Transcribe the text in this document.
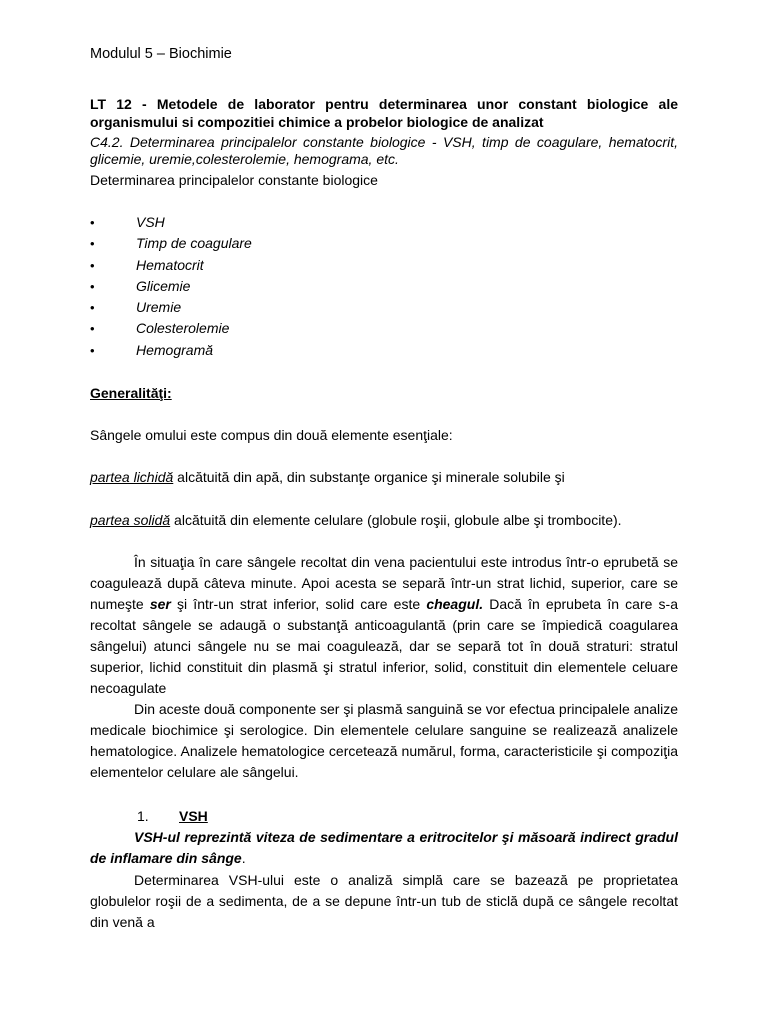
Modulul 5 – Biochimie
LT 12 - Metodele de laborator pentru determinarea unor constant biologice ale organismului si compozitiei chimice a probelor biologice de analizat
C4.2. Determinarea principalelor constante biologice - VSH, timp de coagulare, hematocrit, glicemie, uremie,colesterolemie, hemograma, etc.
Determinarea principalelor constante biologice
•	VSH
•	Timp de coagulare
•	Hematocrit
•	Glicemie
•	Uremie
•	Colesterolemie
•	Hemogramă
Generalităţi:
Sângele omului este compus din două elemente esenţiale:
partea lichidă alcătuită din apă, din substanţe organice şi minerale solubile şi
partea solidă alcătuită din elemente celulare (globule roşii, globule albe şi trombocite).
În situaţia în care sângele recoltat din vena pacientului este introdus într-o eprubetă se coagulează după câteva minute. Apoi acesta se separă într-un strat lichid, superior, care se numeşte ser şi într-un strat inferior, solid care este cheagul. Dacă în eprubeta în care s-a recoltat sângele se adaugă o substanţă anticoagulantă (prin care se împiedică coagularea sângelui) atunci sângele nu se mai coagulează, dar se separă tot în două straturi: stratul superior, lichid constituit din plasmă şi stratul inferior, solid, constituit din elementele celuare necoagulate
Din aceste două componente ser şi plasmă sanguină se vor efectua principalele analize medicale biochimice şi serologice. Din elementele celulare sanguine se realizează analizele hematologice. Analizele hematologice cercetează numărul, forma, caracteristicile şi compoziţia elementelor celulare ale sângelui.
1. VSH
VSH-ul reprezintă viteza de sedimentare a eritrocitelor şi măsoară indirect gradul de inflamare din sânge.
Determinarea VSH-ului este o analiză simplă care se bazează pe proprietatea globulelor roşii de a sedimenta, de a se depune într-un tub de sticlă după ce sângele recoltat din venă a
